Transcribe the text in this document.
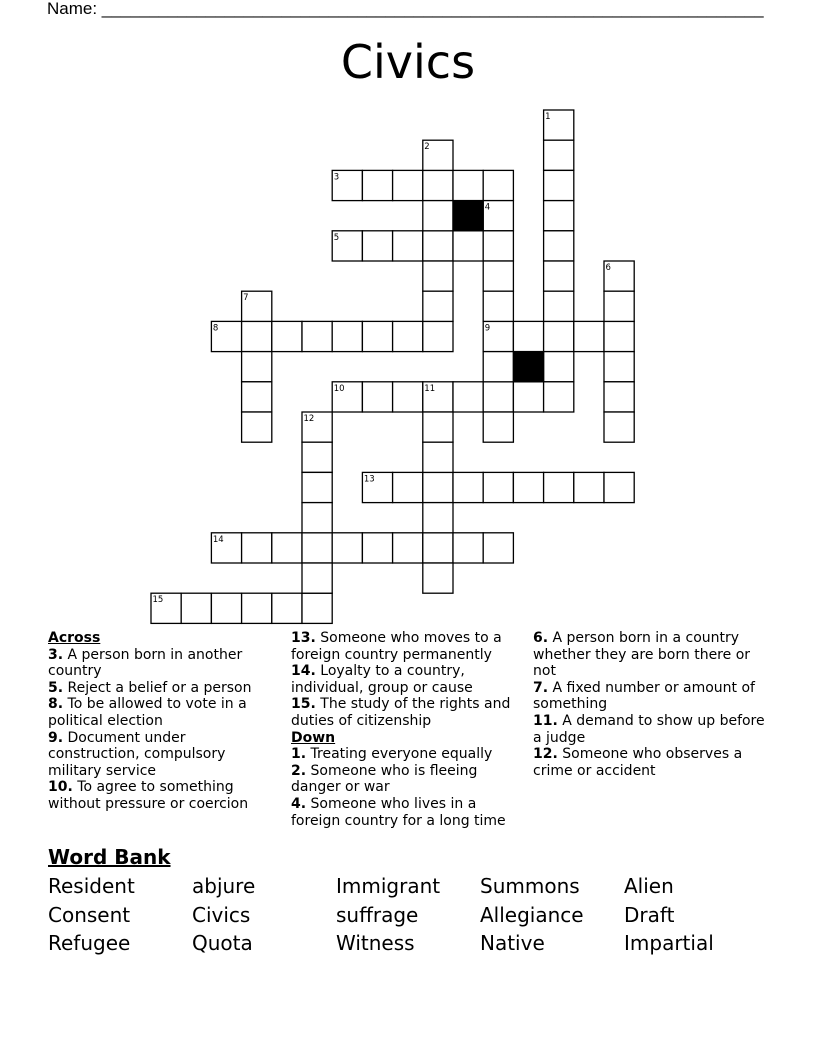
Name: ______________________________________________________________________
Civics
1
2
3
4
5
6
7
8	9
10	11
12
13
14
15
Across
3. A person born in another country
5. Reject a belief or a person
8. To be allowed to vote in a political election
9. Document under construction, compulsory military service
10. To agree to something without pressure or coercion
13. Someone who moves to a foreign country permanently
14. Loyalty to a country, individual, group or cause
15. The study of the rights and duties of citizenship
Down
1. Treating everyone equally
2. Someone who is fleeing danger or war
4. Someone who lives in a foreign country for a long time
6. A person born in a country whether they are born there or not
7. A fixed number or amount of something
11. A demand to show up before a judge
12. Someone who observes a crime or accident
Word Bank
Resident	abjure	Immigrant Summons Alien
Consent	Civics	suffrage	Allegiance Draft
Refugee	Quota	Witness	Native	Impartial
